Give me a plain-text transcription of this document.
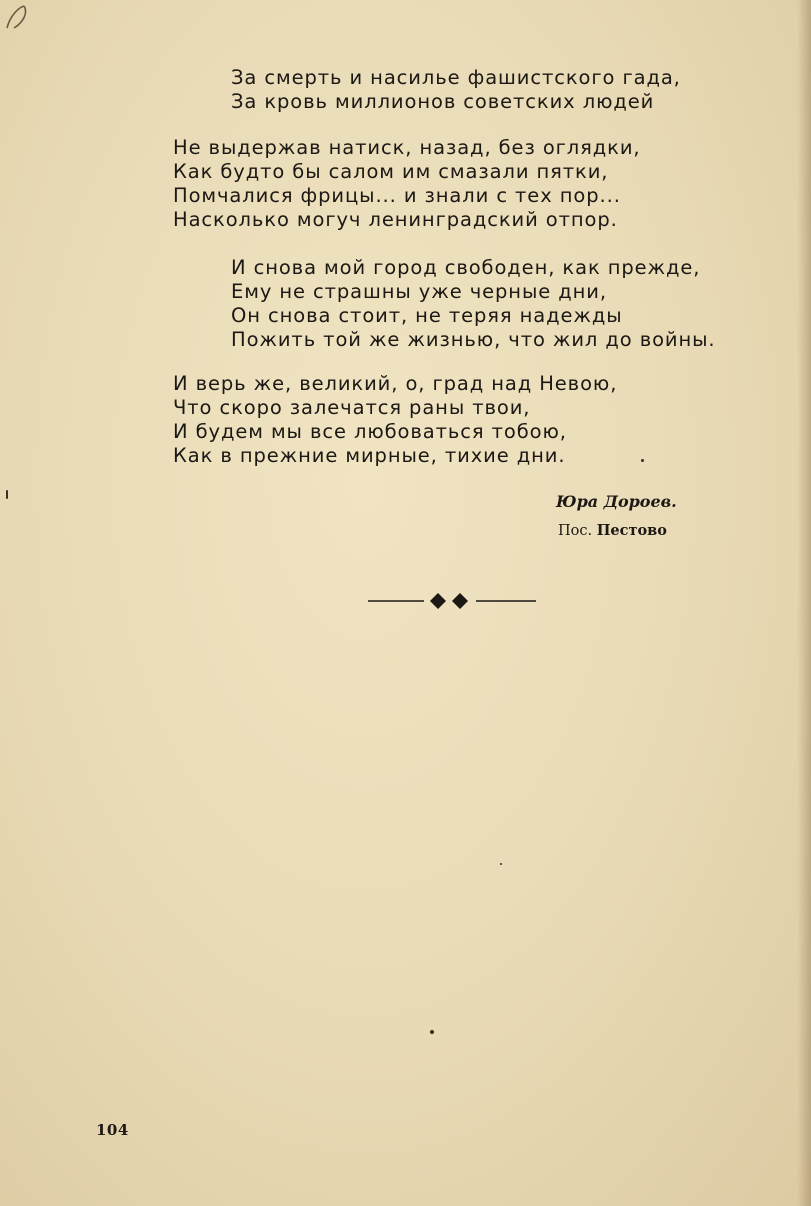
За смерть и насилье фашистского гада,
За кровь миллионов советских людей
Не выдержав натиск, назад, без оглядки,
Как будто бы салом им смазали пятки,
Помчалися фрицы... и знали с тех пор...
Насколько могуч ленинградский отпор.
И снова мой город свободен, как прежде,
Ему не страшны уже черные дни,
Он снова стоит, не теряя надежды
Пожить той же жизнью, что жил до войны.
И верь же, великий, о, град над Невою,
Что скоро залечатся раны твои,
И будем мы все любоваться тобою,
Как в прежние мирные, тихие дни.
Юра Дороев.
Пос. Пестово
104
